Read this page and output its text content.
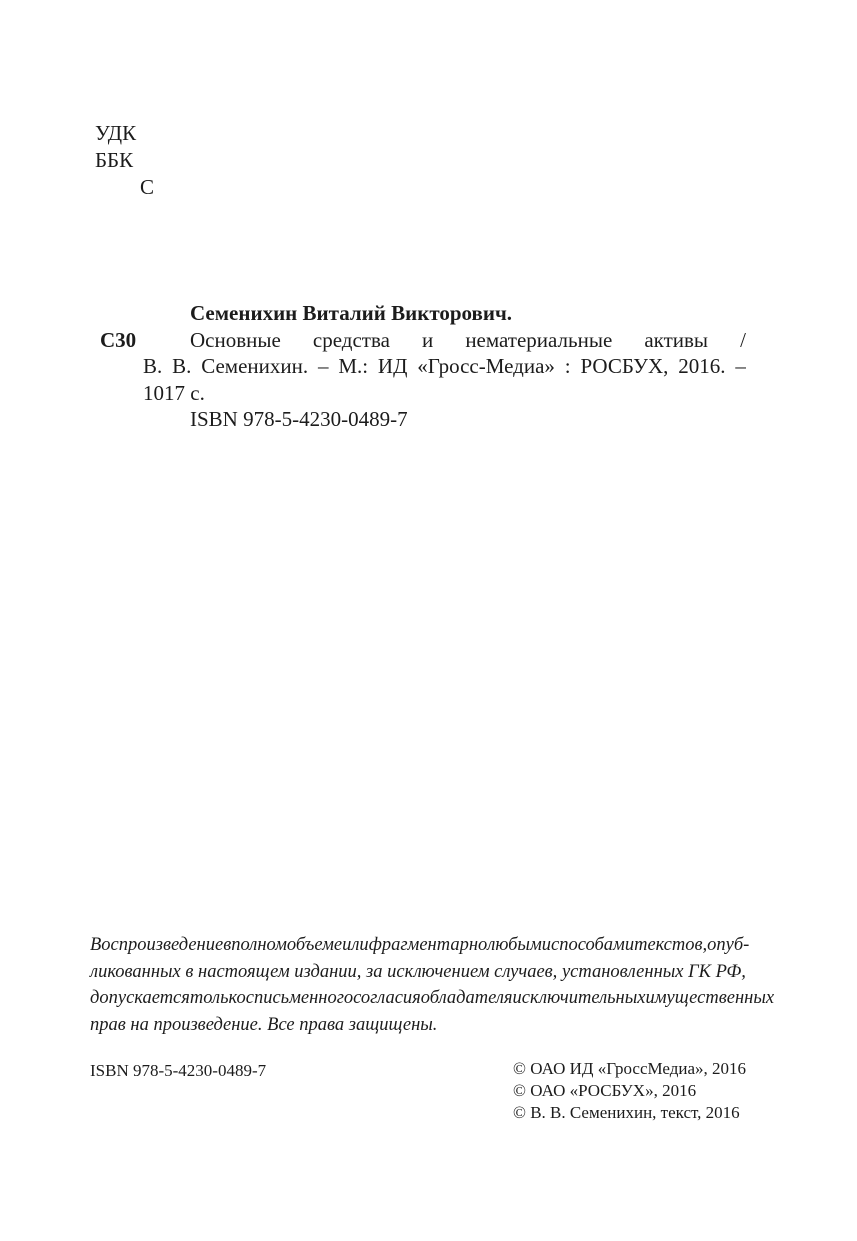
УДК
ББК
С
С30
Семенихин Виталий Викторович.
Основные средства и нематериальные активы /
В. В. Семенихин. – М.: ИД «Гросс-Медиа» : РОСБУХ, 2016. –
1017 с.
ISBN 978-5-4230-0489-7
Воспроизведение в полном объеме или фрагментарно любыми способами текстов, опуб-
ликованных в настоящем издании, за исключением случаев, установленных ГК РФ,
допускается только с письменного согласия обладателя исключительных имущественных
прав на произведение. Все права защищены.
ISBN 978-5-4230-0489-7	© ОАО ИД «ГроссМедиа», 2016
© ОАО «РОСБУХ», 2016
© В. В. Семенихин, текст, 2016
